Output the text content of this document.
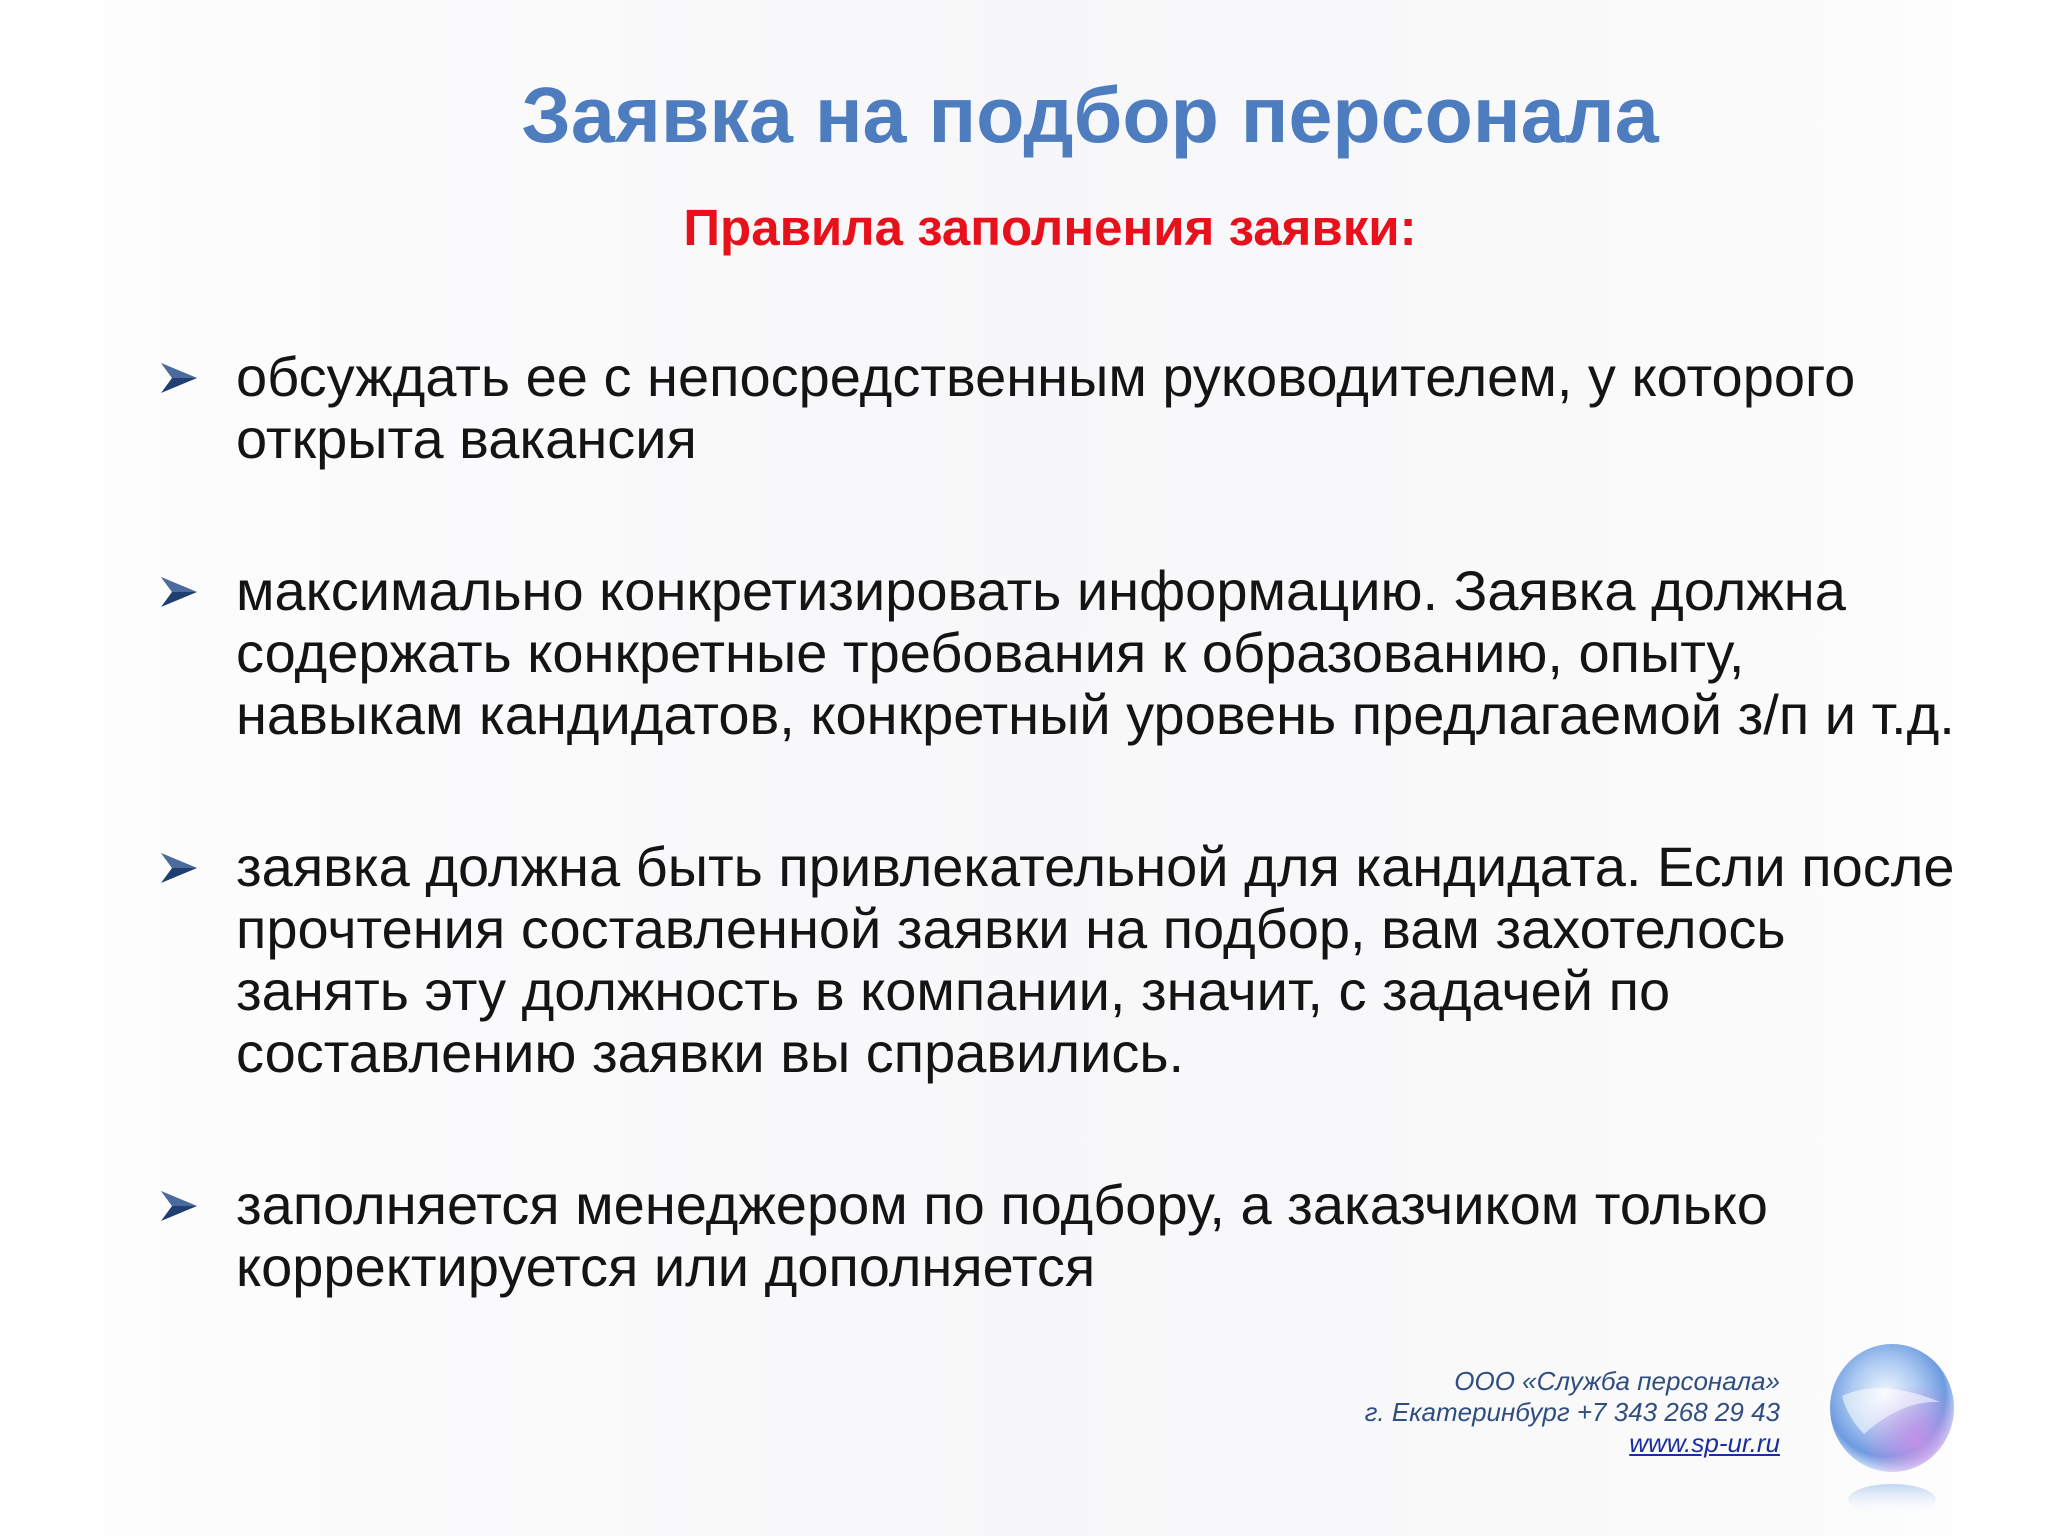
Заявка на подбор персонала
Правила заполнения заявки:
обсуждать ее с непосредственным руководителем, у которого открыта вакансия
максимально конкретизировать информацию. Заявка должна содержать конкретные требования к образованию, опыту, навыкам кандидатов, конкретный уровень предлагаемой з/п и т.д.
заявка должна быть привлекательной для кандидата. Если после прочтения составленной заявки на подбор, вам захотелось занять эту должность в компании, значит, с задачей по составлению заявки вы справились.
заполняется менеджером по подбору, а заказчиком только корректируется или дополняется
ООО «Служба персонала»
г. Екатеринбург +7 343 268 29 43
www.sp-ur.ru
